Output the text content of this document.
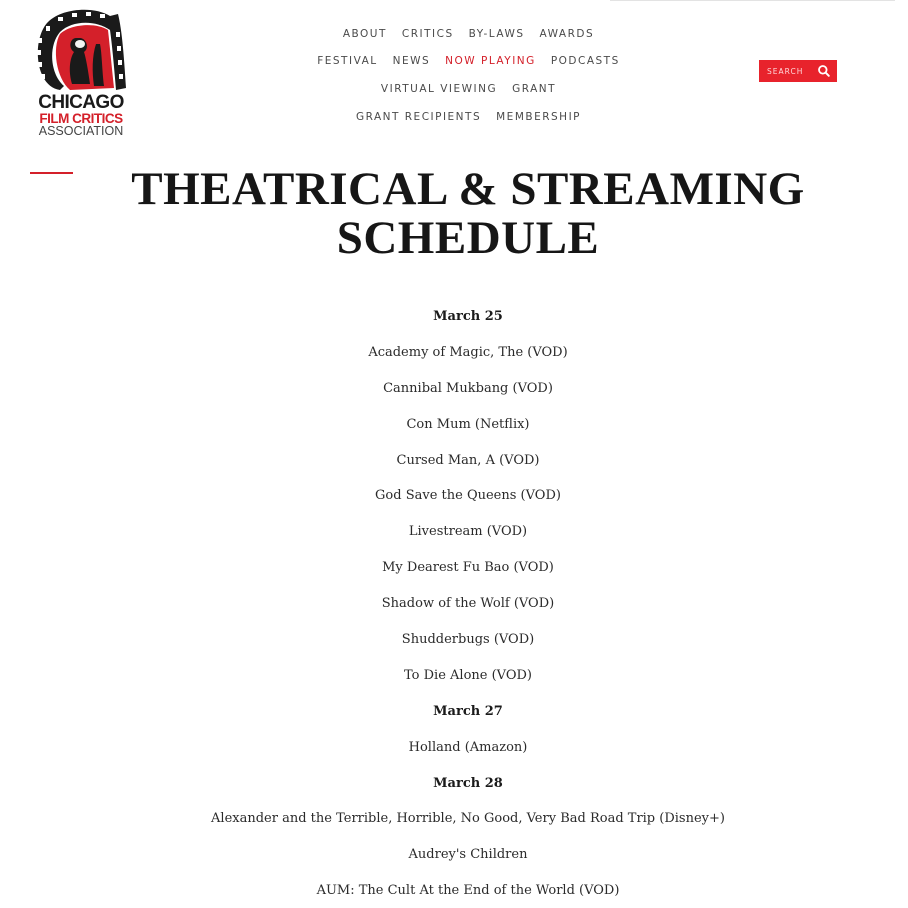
CHICAGO
FILM CRITICS
ASSOCIATION
ABOUT CRITICS BY-LAWS AWARDS
FESTIVAL NEWS NOW PLAYING PODCASTS
VIRTUAL VIEWING GRANT
GRANT RECIPIENTS MEMBERSHIP
SEARCH
THEATRICAL & STREAMING SCHEDULE
March 25
Academy of Magic, The (VOD)
Cannibal Mukbang (VOD)
Con Mum (Netflix)
Cursed Man, A (VOD)
God Save the Queens (VOD)
Livestream (VOD)
My Dearest Fu Bao (VOD)
Shadow of the Wolf (VOD)
Shudderbugs (VOD)
To Die Alone (VOD)
March 27
Holland (Amazon)
March 28
Alexander and the Terrible, Horrible, No Good, Very Bad Road Trip (Disney+)
Audrey's Children
AUM: The Cult At the End of the World (VOD)
